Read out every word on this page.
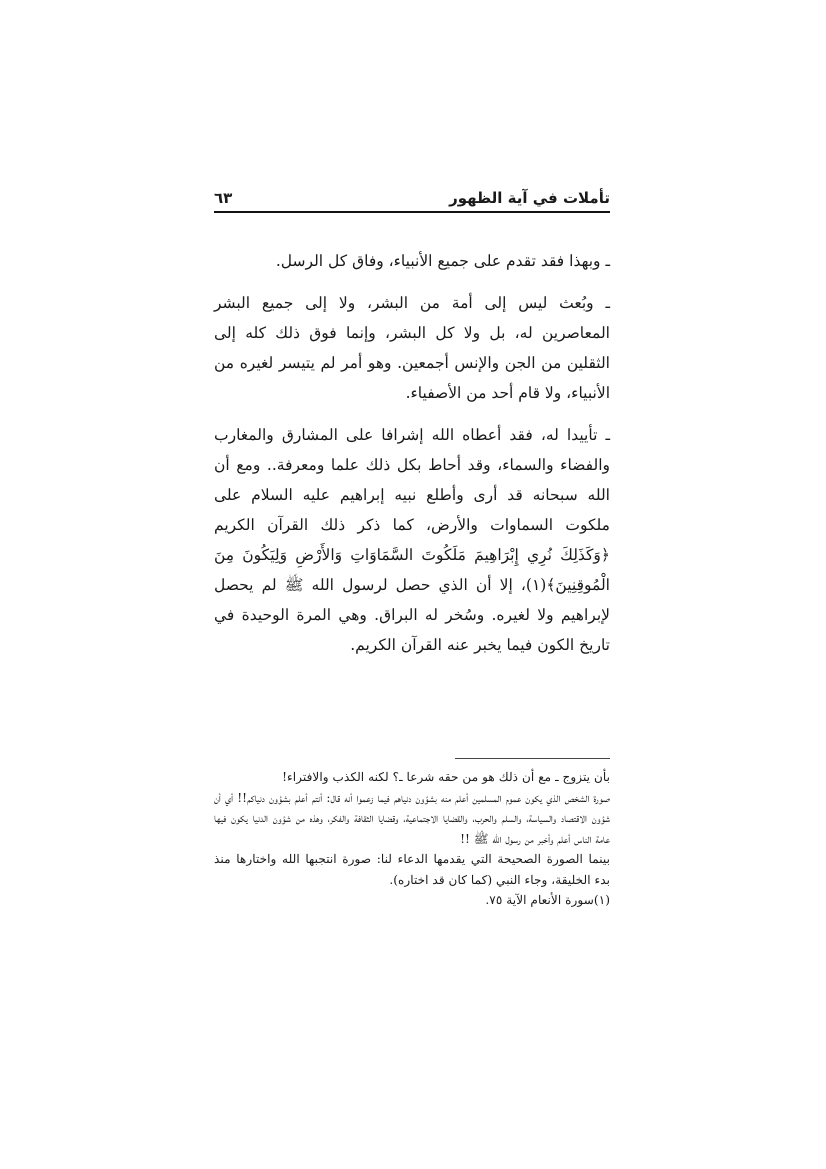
تأملات في آية الظهور
٦٣

ـ وبهذا فقد تقدم على جميع الأنبياء، وفاق كل الرسل.

ـ وبُعث ليس إلى أمة من البشر، ولا إلى جميع البشر المعاصرين له، بل ولا كل البشر، وإنما فوق ذلك كله إلى الثقلين من الجن والإنس أجمعين. وهو أمر لم يتيسر لغيره من الأنبياء، ولا قام أحد من الأصفياء.

ـ تأييدا له، فقد أعطاه الله إشرافا على المشارق والمغارب والفضاء والسماء، وقد أحاط بكل ذلك علما ومعرفة.. ومع أن الله سبحانه قد أرى وأطلع نبيه إبراهيم عليه السلام على ملكوت السماوات والأرض، كما ذكر ذلك القرآن الكريم ﴿وَكَذَلِكَ نُرِي إِبْرَاهِيمَ مَلَكُوتَ السَّمَاوَاتِ وَالأَرْضِ وَلِيَكُونَ مِنَ الْمُوقِنِينَ﴾(١)، إلا أن الذي حصل لرسول الله ﷺ لم يحصل لإبراهيم ولا لغيره. وسُخر له البراق. وهي المرة الوحيدة في تاريخ الكون فيما يخبر عنه القرآن الكريم.

بأن يتزوج ـ مع أن ذلك هو من حقه شرعا ـ؟ لكنه الكذب والافتراء!

صورة الشخص الذي يكون عموم المسلمين أعلم منه بشؤون دنياهم فيما زعموا أنه قال: أنتم أعلم بشؤون دنياكم!! أي أن شؤون الاقتصاد والسياسة، والسلم والحرب، والقضايا الاجتماعية، وقضايا الثقافة والفكر، وهذه من شؤون الدنيا يكون فيها عامة الناس أعلم وأخبر من رسول الله ﷺ !!

بينما الصورة الصحيحة التي يقدمها الدعاء لنا: صورة انتجبها الله واختارها منذ بدء الخليقة، وجاء النبي (كما كان قد اختاره).

(١)سورة الأنعام الآية ٧٥.
